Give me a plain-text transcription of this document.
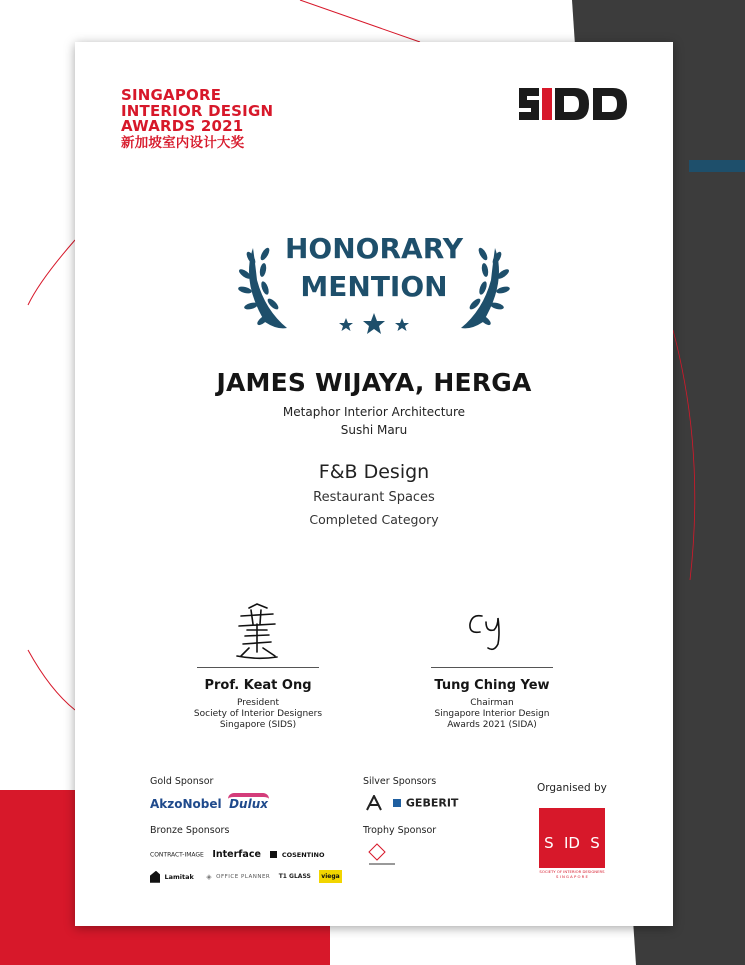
SINGAPORE
INTERIOR DESIGN
AWARDS 2021
新加坡室内设计大奖
HONORARY
MENTION
JAMES WIJAYA, HERGA
Metaphor Interior Architecture
Sushi Maru
F&B Design
Restaurant Spaces
Completed Category
Prof. Keat Ong
President
Society of Interior Designers
Singapore (SIDS)
Tung Ching Yew
Chairman
Singapore Interior Design
Awards 2021 (SIDA)
Gold Sponsor
AkzoNobel Dulux
Silver Sponsors
GEBERIT
Bronze Sponsors
CONTRACT-IMAGE Interface	COSENTINO
Lamitak ◈ OFFICE PLANNER T1 GLASS viega
Trophy Sponsor
Organised by
S ID S
SOCIETY OF INTERIOR DESIGNERS
S I N G A P O R E
